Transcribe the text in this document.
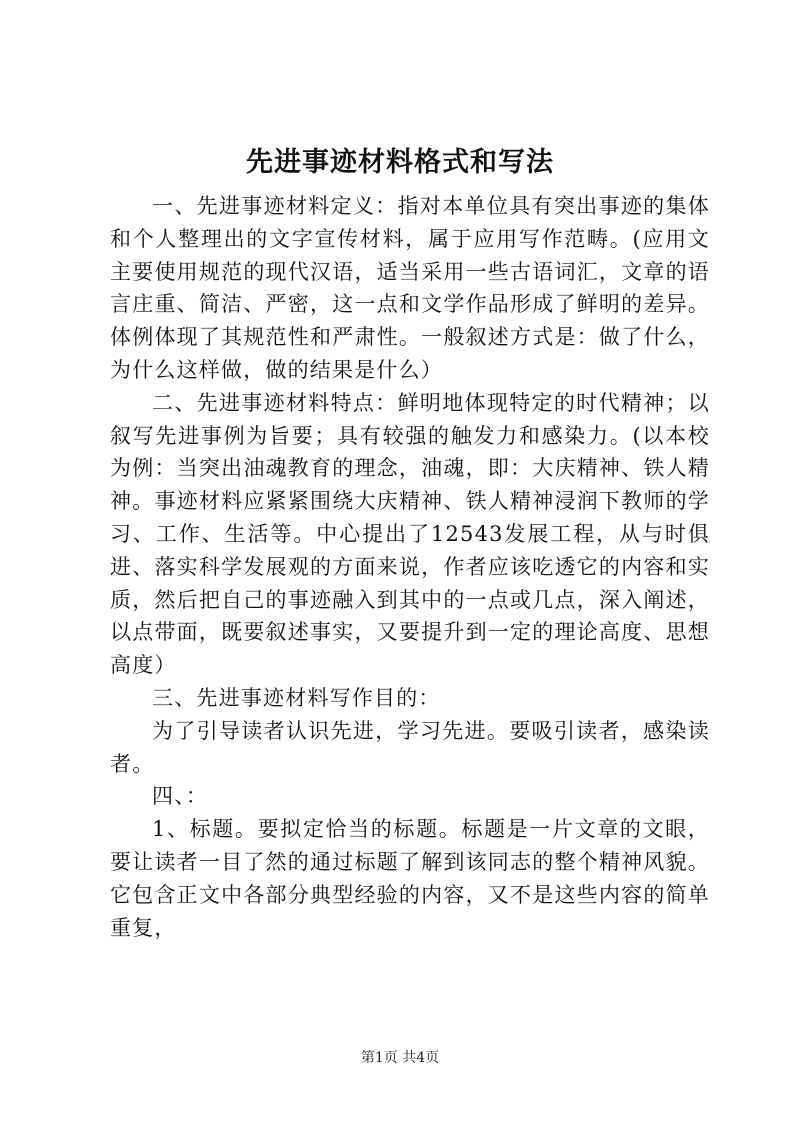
先进事迹材料格式和写法

一、先进事迹材料定义：指对本单位具有突出事迹的集体和个人整理出的文字宣传材料，属于应用写作范畴。(应用文主要使用规范的现代汉语，适当采用一些古语词汇，文章的语言庄重、简洁、严密，这一点和文学作品形成了鲜明的差异。体例体现了其规范性和严肃性。一般叙述方式是：做了什么，为什么这样做，做的结果是什么）

二、先进事迹材料特点：鲜明地体现特定的时代精神；以叙写先进事例为旨要；具有较强的触发力和感染力。(以本校为例：当突出油魂教育的理念，油魂，即：大庆精神、铁人精神。事迹材料应紧紧围绕大庆精神、铁人精神浸润下教师的学习、工作、生活等。中心提出了12543发展工程，从与时俱进、落实科学发展观的方面来说，作者应该吃透它的内容和实质，然后把自己的事迹融入到其中的一点或几点，深入阐述，以点带面，既要叙述事实，又要提升到一定的理论高度、思想高度）

三、先进事迹材料写作目的：

为了引导读者认识先进，学习先进。要吸引读者，感染读者。

四、：

1、标题。要拟定恰当的标题。标题是一片文章的文眼，要让读者一目了然的通过标题了解到该同志的整个精神风貌。它包含正文中各部分典型经验的内容，又不是这些内容的简单重复，

第1页 共4页
